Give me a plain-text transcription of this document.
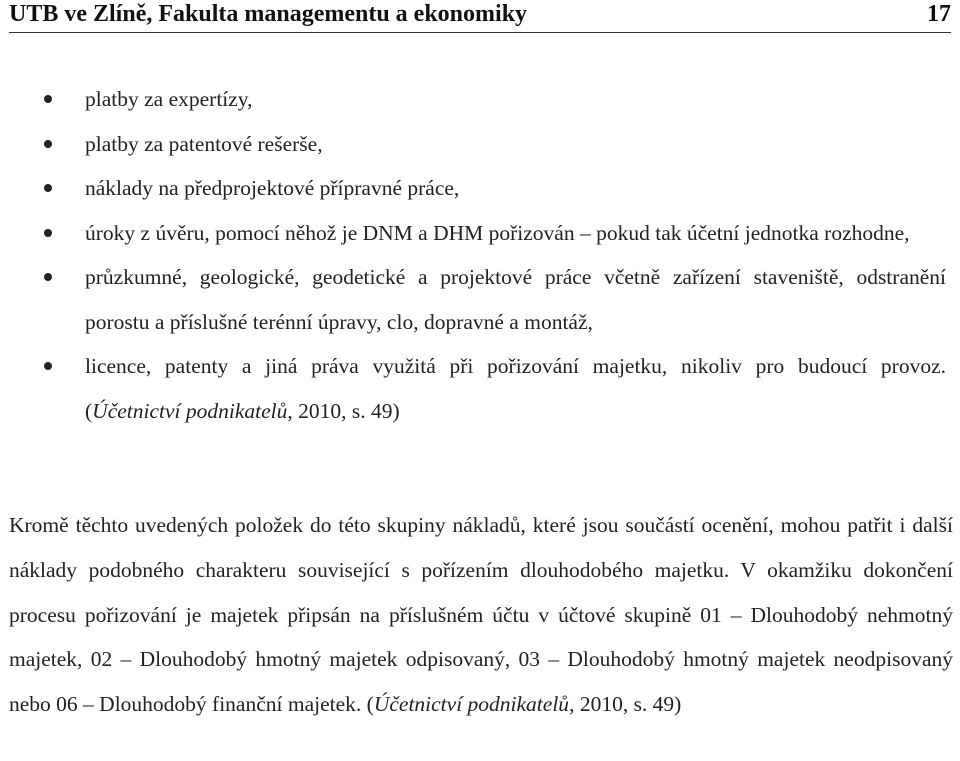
UTB ve Zlíně, Fakulta managementu a ekonomiky	17
platby za expertízy,
platby za patentové rešerše,
náklady na předprojektové přípravné práce,
úroky z úvěru, pomocí něhož je DNM a DHM pořizován – pokud tak účetní jednotka rozhodne,
průzkumné, geologické, geodetické a projektové práce včetně zařízení staveniště, odstranění porostu a příslušné terénní úpravy, clo, dopravné a montáž,
licence, patenty a jiná práva využitá při pořizování majetku, nikoliv pro budoucí provoz. (Účetnictví podnikatelů, 2010, s. 49)

Kromě těchto uvedených položek do této skupiny nákladů, které jsou součástí ocenění, mohou patřit i další náklady podobného charakteru související s pořízením dlouhodobého majetku. V okamžiku dokončení procesu pořizování je majetek připsán na příslušném účtu v účtové skupině 01 – Dlouhodobý nehmotný majetek, 02 – Dlouhodobý hmotný majetek odpisovaný, 03 – Dlouhodobý hmotný majetek neodpisovaný nebo 06 – Dlouhodobý finanční majetek. (Účetnictví podnikatelů, 2010, s. 49)
